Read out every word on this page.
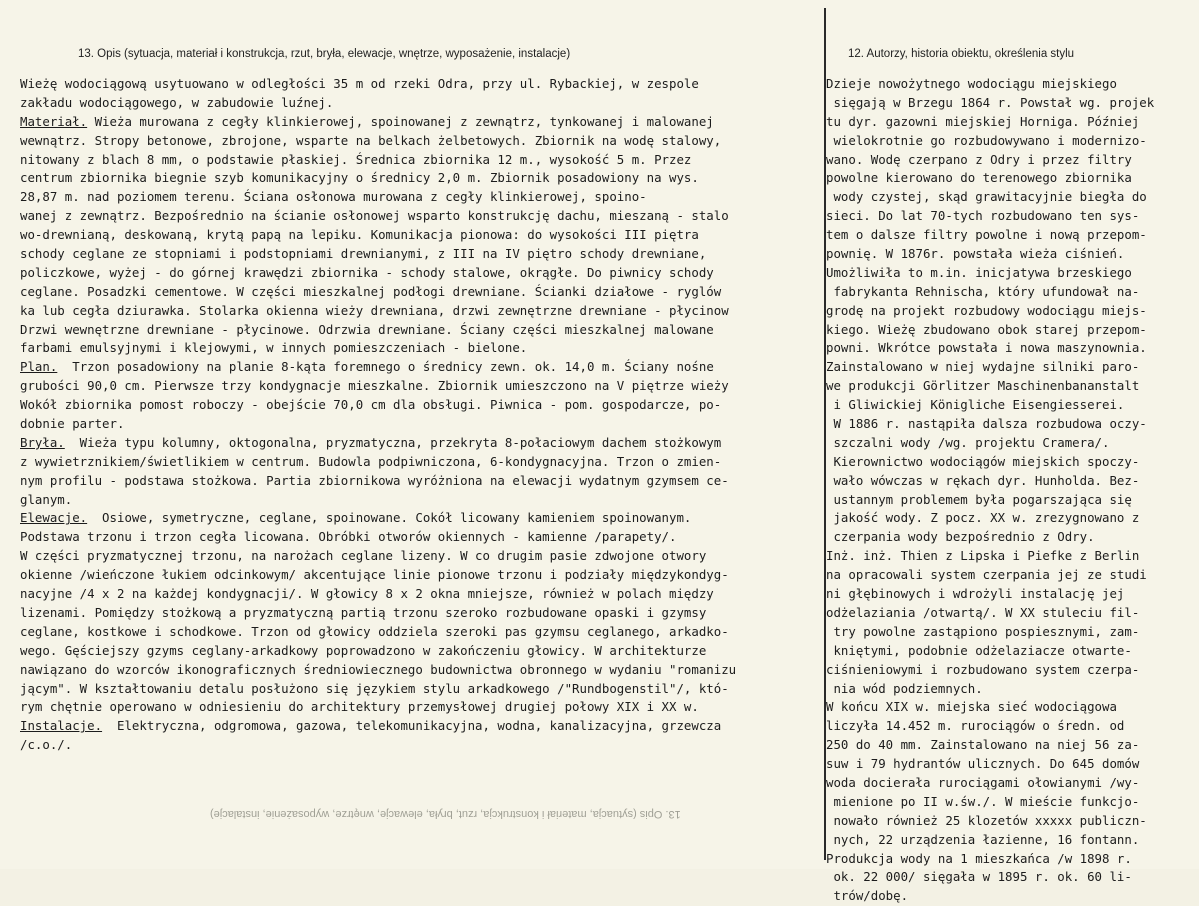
13. Opis (sytuacja, materiał i konstrukcja, rzut, bryła, elewacje, wnętrze, wyposażenie, instalacje)	12. Autorzy, historia obiektu, określenia stylu
Wieżę wodociągową usytuowano w odległości 35 m od rzeki Odra, przy ul. Rybackiej, w zespole
zakładu wodociągowego, w zabudowie luźnej.
Materiał. Wieża murowana z cegły klinkierowej, spoinowanej z zewnątrz, tynkowanej i malowanej
wewnątrz. Stropy betonowe, zbrojone, wsparte na belkach żelbetowych. Zbiornik na wodę stalowy,
nitowany z blach 8 mm, o podstawie płaskiej. Średnica zbiornika 12 m., wysokość 5 m. Przez
centrum zbiornika biegnie szyb komunikacyjny o średnicy 2,0 m. Zbiornik posadowiony na wys.
28,87 m. nad poziomem terenu. Ściana osłonowa murowana z cegły klinkierowej, spoino-
wanej z zewnątrz. Bezpośrednio na ścianie osłonowej wsparto konstrukcję dachu, mieszaną - stalo
wo-drewnianą, deskowaną, krytą papą na lepiku. Komunikacja pionowa: do wysokości III piętra
schody ceglane ze stopniami i podstopniami drewnianymi, z III na IV piętro schody drewniane,
policzkowe, wyżej - do górnej krawędzi zbiornika - schody stalowe, okrągłe. Do piwnicy schody
ceglane. Posadzki cementowe. W części mieszkalnej podłogi drewniane. Ścianki działowe - ryglów
ka lub cegła dziurawka. Stolarka okienna wieży drewniana, drzwi zewnętrzne drewniane - płycinow
Drzwi wewnętrzne drewniane - płycinowe. Odrzwia drewniane. Ściany części mieszkalnej malowane
farbami emulsyjnymi i klejowymi, w innych pomieszczeniach - bielone.
Plan.  Trzon posadowiony na planie 8-kąta foremnego o średnicy zewn. ok. 14,0 m. Ściany nośne
grubości 90,0 cm. Pierwsze trzy kondygnacje mieszkalne. Zbiornik umieszczono na V piętrze wieży
Wokół zbiornika pomost roboczy - obejście 70,0 cm dla obsługi. Piwnica - pom. gospodarcze, po-
dobnie parter.
Bryła.  Wieża typu kolumny, oktogonalna, pryzmatyczna, przekryta 8-połaciowym dachem stożkowym
z wywietrznikiem/świetlikiem w centrum. Budowla podpiwniczona, 6-kondygnacyjna. Trzon o zmien-
nym profilu - podstawa stożkowa. Partia zbiornikowa wyróżniona na elewacji wydatnym gzymsem ce-
glanym.
Elewacje.  Osiowe, symetryczne, ceglane, spoinowane. Cokół licowany kamieniem spoinowanym.
Podstawa trzonu i trzon cegła licowana. Obróbki otworów okiennych - kamienne /parapety/.
W części pryzmatycznej trzonu, na narożach ceglane lizeny. W co drugim pasie zdwojone otwory
okienne /wieńczone łukiem odcinkowym/ akcentujące linie pionowe trzonu i podziały międzykondyg-
nacyjne /4 x 2 na każdej kondygnacji/. W głowicy 8 x 2 okna mniejsze, również w polach między
lizenami. Pomiędzy stożkową a pryzmatyczną partią trzonu szeroko rozbudowane opaski i gzymsy
ceglane, kostkowe i schodkowe. Trzon od głowicy oddziela szeroki pas gzymsu ceglanego, arkadko-
wego. Gęściejszy gzyms ceglany-arkadkowy poprowadzono w zakończeniu głowicy. W architekturze
nawiązano do wzorców ikonograficznych średniowiecznego budownictwa obronnego w wydaniu "romanizu
jącym". W kształtowaniu detalu posłużono się językiem stylu arkadkowego /"Rundbogenstil"/, któ-
rym chętnie operowano w odniesieniu do architektury przemysłowej drugiej połowy XIX i XX w.
Instalacje.  Elektryczna, odgromowa, gazowa, telekomunikacyjna, wodna, kanalizacyjna, grzewcza
/c.o./.
Dzieje nowożytnego wodociągu miejskiego
sięgają w Brzegu 1864 r. Powstał wg. projek
tu dyr. gazowni miejskiej Horniga. Później
wielokrotnie go rozbudowywano i modernizo-
wano. Wodę czerpano z Odry i przez filtry
powolne kierowano do terenowego zbiornika
wody czystej, skąd grawitacyjnie biegła do
sieci. Do lat 70-tych rozbudowano ten sys-
tem o dalsze filtry powolne i nową przepom-
pownię. W 1876r. powstała wieża ciśnień.
Umożliwiła to m.in. inicjatywa brzeskiego
fabrykanta Rehnischa, który ufundował na-
grodę na projekt rozbudowy wodociągu miejs-
kiego. Wieżę zbudowano obok starej przepom-
powni. Wkrótce powstała i nowa maszynownia.
Zainstalowano w niej wydajne silniki paro-
we produkcji Görlitzer Maschinenbananstalt
i Gliwickiej Königliche Eisengiesserei.
W 1886 r. nastąpiła dalsza rozbudowa oczy-
szczalni wody /wg. projektu Cramera/.
Kierownictwo wodociągów miejskich spoczy-
wało wówczas w rękach dyr. Hunholda. Bez-
ustannym problemem była pogarszająca się
jakość wody. Z pocz. XX w. zrezygnowano z
czerpania wody bezpośrednio z Odry.
Inż. inż. Thien z Lipska i Piefke z Berlin
na opracowali system czerpania jej ze studi
ni głębinowych i wdrożyli instalację jej
odżelaziania /otwartą/. W XX stuleciu fil-
try powolne zastąpiono pospiesznymi, zam-
kniętymi, podobnie odżelaziacze otwarte-
ciśnieniowymi i rozbudowano system czerpa-
nia wód podziemnych.
W końcu XIX w. miejska sieć wodociągowa
liczyła 14.452 m. rurociągów o średn. od
250 do 40 mm. Zainstalowano na niej 56 za-
suw i 79 hydrantów ulicznych. Do 645 domów
woda docierała rurociągami ołowianymi /wy-
mienione po II w.św./. W mieście funkcjo-
nowało również 25 klozetów xxxxx publiczn-
nych, 22 urządzenia łazienne, 16 fontann.
Produkcja wody na 1 mieszkańca /w 1898 r.
ok. 22 000/ sięgała w 1895 r. ok. 60 li-
trów/dobę.
13. Opis (sytuacja, materiał i konstrukcja, rzut, bryła, elewacje, wnętrze, wyposażenie, instalacje)
